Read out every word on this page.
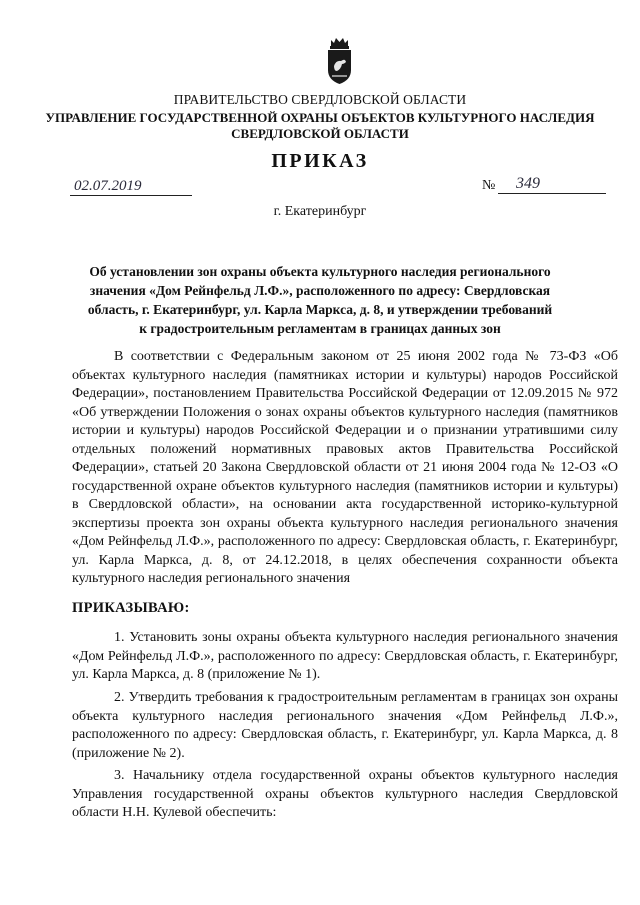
ПРАВИТЕЛЬСТВО СВЕРДЛОВСКОЙ ОБЛАСТИ
УПРАВЛЕНИЕ ГОСУДАРСТВЕННОЙ ОХРАНЫ ОБЪЕКТОВ КУЛЬТУРНОГО НАСЛЕДИЯ
СВЕРДЛОВСКОЙ ОБЛАСТИ
ПРИКАЗ
02.07.2019	№	349
г. Екатеринбург
Об установлении зон охраны объекта культурного наследия регионального
значения «Дом Рейнфельд Л.Ф.», расположенного по адресу: Свердловская
область, г. Екатеринбург, ул. Карла Маркса, д. 8, и утверждении требований
к градостроительным регламентам в границах данных зон

В соответствии с Федеральным законом от 25 июня 2002 года № 73-ФЗ «Об объектах культурного наследия (памятниках истории и культуры) народов Российской Федерации», постановлением Правительства Российской Федерации от 12.09.2015 № 972 «Об утверждении Положения о зонах охраны объектов культурного наследия (памятников истории и культуры) народов Российской Федерации и о признании утратившими силу отдельных положений нормативных правовых актов Правительства Российской Федерации», статьей 20 Закона Свердловской области от 21 июня 2004 года № 12-ОЗ «О государственной охране объектов культурного наследия (памятников истории и культуры) в Свердловской области», на основании акта государственной историко-культурной экспертизы проекта зон охраны объекта культурного наследия регионального значения «Дом Рейнфельд Л.Ф.», расположенного по адресу: Свердловская область, г. Екатеринбург, ул. Карла Маркса, д. 8, от 24.12.2018, в целях обеспечения сохранности объекта культурного наследия регионального значения

ПРИКАЗЫВАЮ:

1. Установить зоны охраны объекта культурного наследия регионального значения «Дом Рейнфельд Л.Ф.», расположенного по адресу: Свердловская область, г. Екатеринбург, ул. Карла Маркса, д. 8 (приложение № 1).

2. Утвердить требования к градостроительным регламентам в границах зон охраны объекта культурного наследия регионального значения «Дом Рейнфельд Л.Ф.», расположенного по адресу: Свердловская область, г. Екатеринбург, ул. Карла Маркса, д. 8 (приложение № 2).

3. Начальнику отдела государственной охраны объектов культурного наследия Управления государственной охраны объектов культурного наследия Свердловской области Н.Н. Кулевой обеспечить:
